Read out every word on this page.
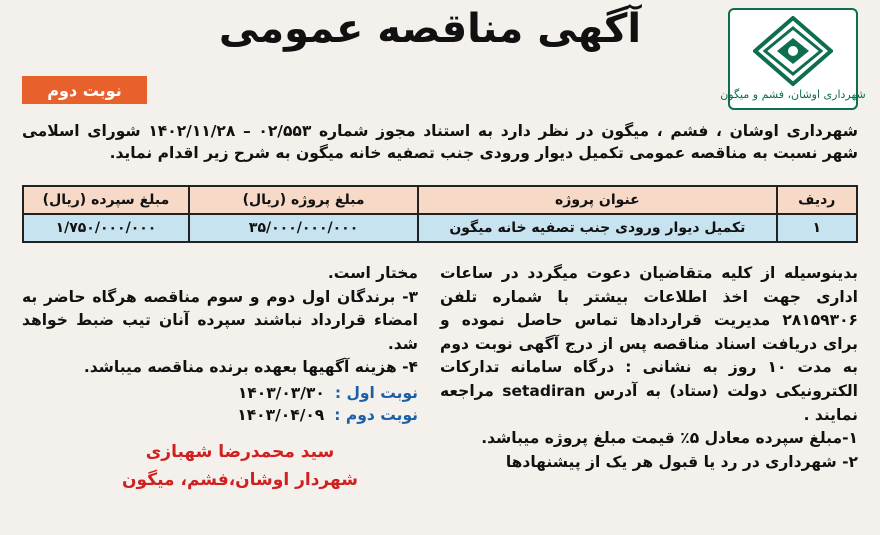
شهرداری اوشان، فشم و میگون
آگهی مناقصه عمومی
نوبت دوم
شهرداری اوشان ، فشم ، میگون در نظر دارد به استناد مجوز شماره ۰۲/۵۵۳ – ۱۴۰۲/۱۱/۲۸ شورای اسلامی شهر نسبت به مناقصه عمومی تکمیل دیوار ورودی جنب تصفیه خانه میگون به شرح زیر اقدام نماید.
ردیف	عنوان پروژه	مبلغ پروژه (ریال)	مبلغ سپرده (ریال)
۱	تکمیل دیوار ورودی جنب تصفیه خانه میگون	۳۵/۰۰۰/۰۰۰/۰۰۰	۱/۷۵۰/۰۰۰/۰۰۰

بدینوسیله از کلیه متقاضیان دعوت میگردد در ساعات اداری جهت اخذ اطلاعات بیشتر با شماره تلفن ۲۸۱۵۹۳۰۶ مدیریت قراردادها تماس حاصل نموده و برای دریافت اسناد مناقصه پس از درج آگهی نوبت دوم به مدت ۱۰ روز به نشانی : درگاه سامانه تدارکات الکترونیکی دولت (ستاد) به آدرس setadiran مراجعه نمایند .

۱-مبلغ سپرده معادل ۵٪ قیمت مبلغ پروژه میباشد.

۲- شهرداری در رد یا قبول هر یک از پیشنهادها

مختار است.

۳- برندگان اول دوم و سوم مناقصه هرگاه حاضر به امضاء قرارداد نباشند سپرده آنان تیب ضبط خواهد شد.

۴- هزینه آگهیها بعهده برنده مناقصه میباشد.

نوبت اول :
۱۴۰۳/۰۳/۳۰
نوبت دوم :
۱۴۰۳/۰۴/۰۹
سید محمدرضا شهبازی
شهردار اوشان،فشم، میگون
